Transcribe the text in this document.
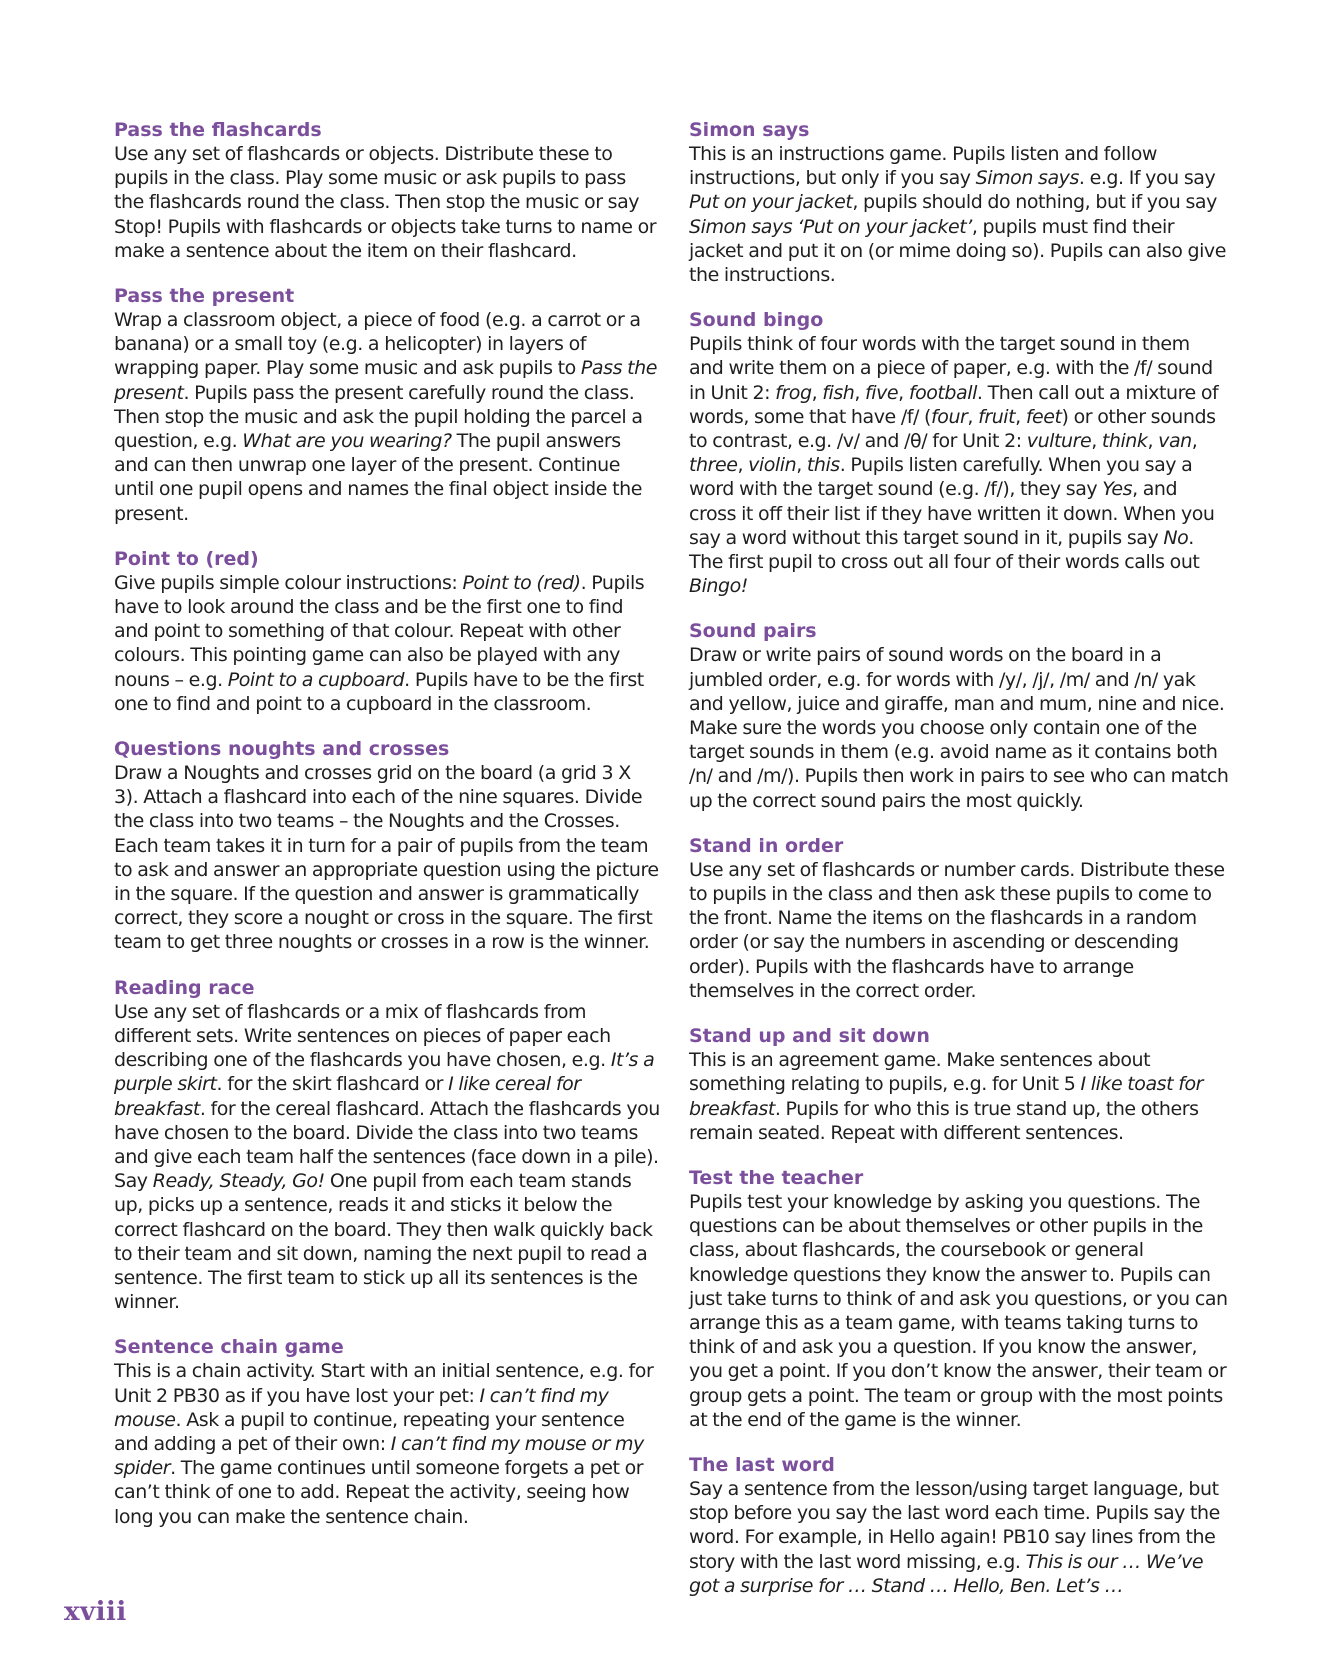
Pass the flashcards
Use any set of flashcards or objects. Distribute these to pupils in the class. Play some music or ask pupils to pass the flashcards round the class. Then stop the music or say Stop! Pupils with flashcards or objects take turns to name or make a sentence about the item on their flashcard.
Pass the present
Wrap a classroom object, a piece of food (e.g. a carrot or a banana) or a small toy (e.g. a helicopter) in layers of wrapping paper. Play some music and ask pupils to Pass the present. Pupils pass the present carefully round the class. Then stop the music and ask the pupil holding the parcel a question, e.g. What are you wearing? The pupil answers and can then unwrap one layer of the present. Continue until one pupil opens and names the final object inside the present.
Point to (red)
Give pupils simple colour instructions: Point to (red). Pupils have to look around the class and be the first one to find and point to something of that colour. Repeat with other colours. This pointing game can also be played with any nouns – e.g. Point to a cupboard. Pupils have to be the first one to find and point to a cupboard in the classroom.
Questions noughts and crosses
Draw a Noughts and crosses grid on the board (a grid 3 X 3). Attach a flashcard into each of the nine squares. Divide the class into two teams – the Noughts and the Crosses. Each team takes it in turn for a pair of pupils from the team to ask and answer an appropriate question using the picture in the square. If the question and answer is grammatically correct, they score a nought or cross in the square. The first team to get three noughts or crosses in a row is the winner.
Reading race
Use any set of flashcards or a mix of flashcards from different sets. Write sentences on pieces of paper each describing one of the flashcards you have chosen, e.g. It’s a purple skirt. for the skirt flashcard or I like cereal for breakfast. for the cereal flashcard. Attach the flashcards you have chosen to the board. Divide the class into two teams and give each team half the sentences (face down in a pile). Say Ready, Steady, Go! One pupil from each team stands up, picks up a sentence, reads it and sticks it below the correct flashcard on the board. They then walk quickly back to their team and sit down, naming the next pupil to read a sentence. The first team to stick up all its sentences is the winner.
Sentence chain game
This is a chain activity. Start with an initial sentence, e.g. for Unit 2 PB30 as if you have lost your pet: I can’t find my mouse. Ask a pupil to continue, repeating your sentence and adding a pet of their own: I can’t find my mouse or my spider. The game continues until someone forgets a pet or can’t think of one to add. Repeat the activity, seeing how long you can make the sentence chain.
Simon says
This is an instructions game. Pupils listen and follow instructions, but only if you say Simon says. e.g. If you say Put on your jacket, pupils should do nothing, but if you say Simon says ‘Put on your jacket’, pupils must find their jacket and put it on (or mime doing so). Pupils can also give the instructions.
Sound bingo
Pupils think of four words with the target sound in them and write them on a piece of paper, e.g. with the /f/ sound in Unit 2: frog, fish, five, football. Then call out a mixture of words, some that have /f/ (four, fruit, feet) or other sounds to contrast, e.g. /v/ and /θ/ for Unit 2: vulture, think, van, three, violin, this. Pupils listen carefully. When you say a word with the target sound (e.g. /f/), they say Yes, and cross it off their list if they have written it down. When you say a word without this target sound in it, pupils say No. The first pupil to cross out all four of their words calls out Bingo!
Sound pairs
Draw or write pairs of sound words on the board in a jumbled order, e.g. for words with /y/, /j/, /m/ and /n/ yak and yellow, juice and giraffe, man and mum, nine and nice. Make sure the words you choose only contain one of the target sounds in them (e.g. avoid name as it contains both /n/ and /m/). Pupils then work in pairs to see who can match up the correct sound pairs the most quickly.
Stand in order
Use any set of flashcards or number cards. Distribute these to pupils in the class and then ask these pupils to come to the front. Name the items on the flashcards in a random order (or say the numbers in ascending or descending order). Pupils with the flashcards have to arrange themselves in the correct order.
Stand up and sit down
This is an agreement game. Make sentences about something relating to pupils, e.g. for Unit 5 I like toast for breakfast. Pupils for who this is true stand up, the others remain seated. Repeat with different sentences.
Test the teacher
Pupils test your knowledge by asking you questions. The questions can be about themselves or other pupils in the class, about flashcards, the coursebook or general knowledge questions they know the answer to. Pupils can just take turns to think of and ask you questions, or you can arrange this as a team game, with teams taking turns to think of and ask you a question. If you know the answer, you get a point. If you don’t know the answer, their team or group gets a point. The team or group with the most points at the end of the game is the winner.
The last word
Say a sentence from the lesson/using target language, but stop before you say the last word each time. Pupils say the word. For example, in Hello again! PB10 say lines from the story with the last word missing, e.g. This is our … We’ve got a surprise for … Stand … Hello, Ben. Let’s …
xviii
